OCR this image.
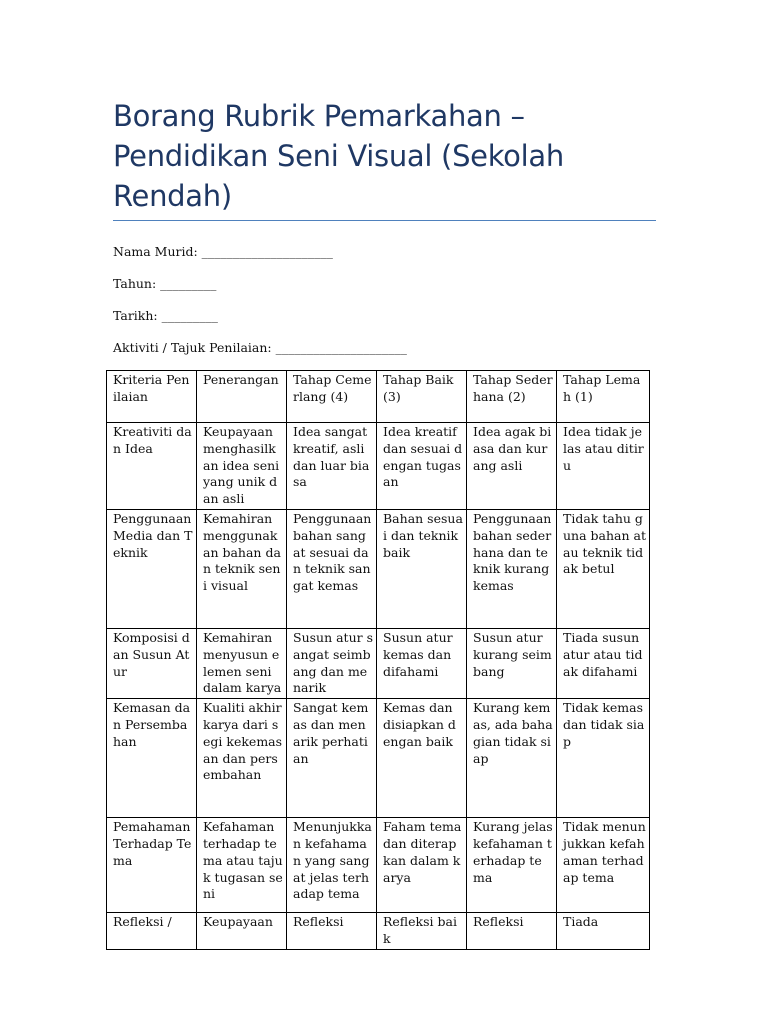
Borang Rubrik Pemarkahan – Pendidikan Seni Visual (Sekolah Rendah)
Nama Murid: _____________________
Tahun: _________
Tarikh: _________
Aktiviti / Tajuk Penilaian: _____________________
Kriteria Penilaian	Penerangan	Tahap Cemerlang (4)	Tahap Baik (3)	Tahap Sederhana (2)	Tahap Lemah (1)
Kreativiti dan Idea	Keupayaan menghasilkan idea seni yang unik dan asli	Idea sangat kreatif, asli dan luar biasa	Idea kreatif dan sesuai dengan tugasan	Idea agak biasa dan kurang asli	Idea tidak jelas atau ditiru
Penggunaan Media dan Teknik	Kemahiran menggunakan bahan dan teknik seni visual	Penggunaan bahan sangat sesuai dan teknik sangat kemas	Bahan sesuai dan teknik baik	Penggunaan bahan sederhana dan teknik kurang kemas	Tidak tahu guna bahan atau teknik tidak betul
Komposisi dan Susun Atur	Kemahiran menyusun elemen seni dalam karya	Susun atur sangat seimbang dan menarik	Susun atur kemas dan difahami	Susun atur kurang seimbang	Tiada susun atur atau tidak difahami
Kemasan dan Persembahan	Kualiti akhir karya dari segi kekemasan dan persembahan	Sangat kemas dan menarik perhatian	Kemas dan disiapkan dengan baik	Kurang kemas, ada bahagian tidak siap	Tidak kemas dan tidak siap
Pemahaman Terhadap Tema	Kefahaman terhadap tema atau tajuk tugasan seni	Menunjukkan kefahaman yang sangat jelas terhadap tema	Faham tema dan diterapkan dalam karya	Kurang jelas kefahaman terhadap tema	Tidak menunjukkan kefahaman terhadap tema
Refleksi /	Keupayaan	Refleksi	Refleksi baik	Refleksi	Tiada
